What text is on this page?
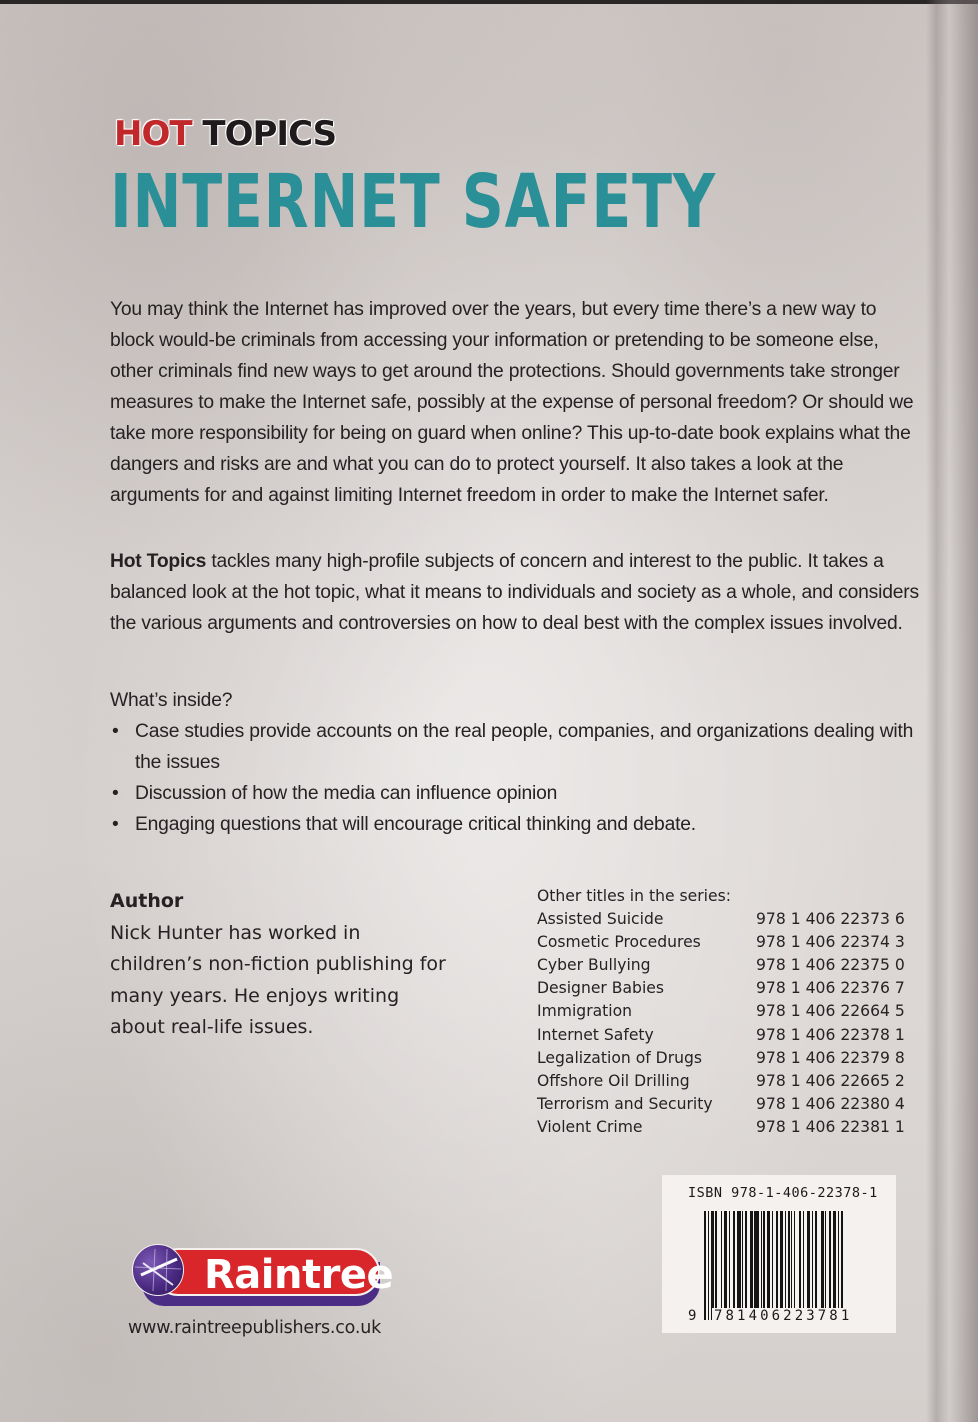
HOT TOPICS
INTERNET SAFETY

You may think the Internet has improved over the years, but every time there’s a new way to block would-be criminals from accessing your information or pretending to be someone else, other criminals find new ways to get around the protections. Should governments take stronger measures to make the Internet safe, possibly at the expense of personal freedom? Or should we take more responsibility for being on guard when online? This up-to-date book explains what the dangers and risks are and what you can do to protect yourself. It also takes a look at the arguments for and against limiting Internet freedom in order to make the Internet safer.

Hot Topics tackles many high-profile subjects of concern and interest to the public. It takes a balanced look at the hot topic, what it means to individuals and society as a whole, and considers the various arguments and controversies on how to deal best with the complex issues involved.

What’s inside?
• Case studies provide accounts on the real people, companies, and organizations dealing with the issues
• Discussion of how the media can influence opinion
• Engaging questions that will encourage critical thinking and debate.
Author
Nick Hunter has worked in children’s non-fiction publishing for many years. He enjoys writing about real-life issues.
Other titles in the series:
Assisted Suicide	978 1 406 22373 6
Cosmetic Procedures	978 1 406 22374 3
Cyber Bullying	978 1 406 22375 0
Designer Babies	978 1 406 22376 7
Immigration	978 1 406 22664 5
Internet Safety	978 1 406 22378 1
Legalization of Drugs	978 1 406 22379 8
Offshore Oil Drilling	978 1 406 22665 2
Terrorism and Security	978 1 406 22380 4
Violent Crime	978 1 406 22381 1
ISBN 978-1-406-22378-1

9

781406223781

Raintree
www.raintreepublishers.co.uk
